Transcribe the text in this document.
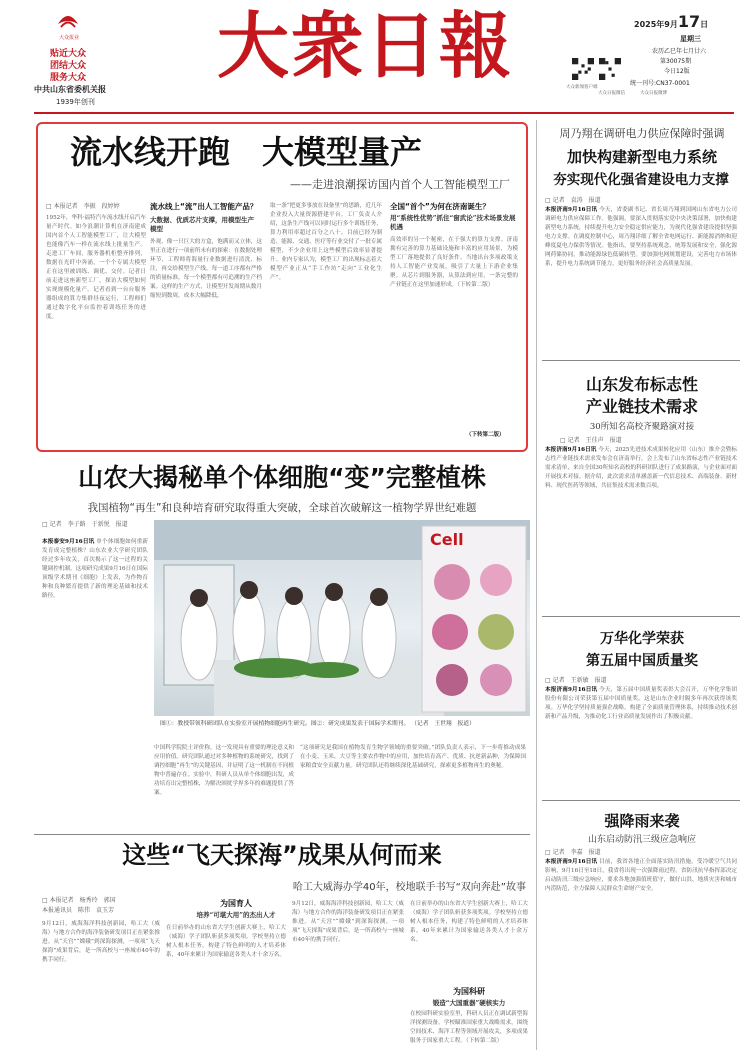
大众报业
贴近大众
团结大众
服务大众
中共山东省委机关报
1939年创刊
大衆日報	2025年9月17日
星期三
农历乙巳年七月廿六
第30075期
今日12版
统一刊号:CN37-0001
大众新闻客户端
大众日报微信	大众日报微博
流水线开跑　大模型量产
——走进浪潮探访国内首个人工智能模型工厂
□ 本报记者　李振　段婷婷
1952年，华科·福特汽车流水线开启汽车量产时代。如今浪潮计算机在济南建成国内首个人工智能模型工厂，让大模型也能像汽车一样在流水线上批量生产。走进工厂车间，服务器机柜整齐排列，数据在光纤中奔涌，一个个专属大模型正在这里被训练、调优、交付。记者日前走进这座新型工厂，探访大模型如何实现规模化量产。记者看到一台台服务器组成的算力集群昼夜运行，工程师们通过数字化平台监控着训练任务的进度。
流水线上“流”出人工智能产品？
大数据、优质芯片支撑，用模型生产模型
外观、像一只巨大的方盒，饱满而又立体，这里正在进行一项前所未有的探索：在数据处理环节，工程师将海量行业数据进行清洗、标注，再交给模型生产线。每一道工序都有严格的质量标准，每一个模型都有可追溯的生产档案。这样的生产方式，让模型开发周期从数月缩短到数周，成本大幅降低。
取一条“把更多事放在设备里”的思路，近几年企业投入大量资源搭建平台。工厂负责人介绍，这条生产线可以同时运行多个训练任务，算力利用率超过百分之八十。目前已经为制造、能源、交通、医疗等行业交付了一批专属模型，不少企业用上这些模型后效率显著提升。业内专家认为，模型工厂的出现标志着大模型产业正从“手工作坊”走向“工业化生产”。
全国“首个”为何在济南诞生？
用“系统性优势”抓住“窗武论”技术场景发展机遇
高效率的另一个秘密，在于强大的算力支撑。济南拥有完善的算力基础设施和丰富的应用场景，为模型工厂落地提供了良好条件。当地出台多项政策支持人工智能产业发展，吸引了大量上下游企业集聚。从芯片到服务器，从算法到应用，一条完整的产业链正在这里加速形成。（下转第二版）
（下转第二版）
周乃翔在调研电力供应保障时强调
加快构建新型电力系统
夯实现代化强省建设电力支撑
□ 记者　袁涛　报道
本报济南9月16日讯 今天，省委副书记、省长周乃翔到国网山东省电力公司调研电力供应保障工作。他强调，要深入贯彻落实党中央决策部署，加快构建新型电力系统，持续提升电力安全稳定供应能力，为现代化强省建设提供坚强电力支撑。在调度控制中心，周乃翔详细了解全省电网运行、新能源消纳和迎峰度夏电力保供等情况。他指出，要坚持系统观念，统筹发展和安全，强化源网荷储协同，推动能源绿色低碳转型。要加强电网规划建设，完善电力市场体系，提升电力系统调节能力，更好服务经济社会高质量发展。
山东发布标志性
产业链技术需求
30所知名高校齐聚路演对接
□ 记者　王佳声　报道
本报济南9月16日讯 今天，2025先进技术成果转化应用（山东）推介会暨标志性产业链技术需求发布会在济南举行。会上发布了山东省标志性产业链技术需求清单，来自全国30所知名高校的科研团队进行了成果路演，与企业面对面开展技术对接。据介绍，此次需求清单涵盖新一代信息技术、高端装备、新材料、现代医药等领域，共征集技术需求数百项。
万华化学荣获
第五届中国质量奖
□ 记者　王新敏　报道
本报济南9月16日讯 今天，第五届中国质量奖表彰大会召开，万华化学集团股份有限公司荣获第五届中国质量奖。这是山东企业时隔多年再次获得该奖项。万华化学坚持质量强企战略，构建了全面质量管理体系，持续推动技术创新和产品升级，为推动化工行业高质量发展作出了积极贡献。
强降雨来袭
山东启动防汛三级应急响应
□ 记者　李嘉　报道
本报济南9月16日讯 目前，我省各地正全面落实防汛措施。受冷暖空气共同影响，9月16日至18日，我省将出现一次强降雨过程。省防汛抗旱指挥部决定启动防汛三级应急响应，要求各地加强值班值守，做好山洪、地质灾害和城市内涝防范，全力保障人民群众生命财产安全。
山农大揭秘单个体细胞“变”完整植株
我国植物“再生”和良种培育研究取得重大突破，全球首次破解这一植物学界世纪难题
□ 记者　李子路　于新悦　报道
本报泰安9月16日讯 单个体细胞如何重新发育成完整植株？山东农业大学研究团队经过多年攻关，首次揭示了这一过程的关键调控机制。这项研究成果9月16日在国际顶级学术期刊《细胞》上发表，为作物育种和良种繁育提供了新的理论基础和技术路径。
Cell
图①：教授带领科研团队在实验室开展植物细胞再生研究。图②：研究成果发表于国际学术期刊。 （记者　王世翔　报道）
中国科学院院士评价称，这一发现具有重要的理论意义和应用价值。研究团队通过对多种植物的系统研究，找到了调控细胞“再生”的关键基因，并证明了这一机制在不同植物中普遍存在。实验中，科研人员从单个体细胞出发，成功培育出完整植株，为解决困扰学界多年的难题提供了答案。
“这项研究是我国在植物发育生物学领域的重要突破。”团队负责人表示，下一步将推动成果在小麦、玉米、大豆等主要农作物中的应用，加快培育高产、优质、抗逆新品种，为保障国家粮食安全贡献力量。研究团队还将继续深化基础研究，探索更多植物再生的奥秘。
这些“飞天探海”成果从何而来
哈工大威海办学40年，校地联手书写“双向奔赴”故事
□ 本报记者　杨秀玲　郭国
本报通讯员　陈伟　袁玉芳
9月12日，威海海洋科技创新园，哈工大（威海）与地方合作的海洋装备研发项目正在紧张推进。从“天宫”“嫦娥”到深海探测，一项项“飞天探海”成果背后，是一所高校与一座城市40年的携手同行。
为国育人
培养“可堪大用”的杰出人才
在日前举办的山东省大学生创新大赛上，哈工大（威海）学子团队斩获多项奖项。学校坚持立德树人根本任务，构建了特色鲜明的人才培养体系，40年来累计为国家输送各类人才十余万名。
9月12日，威海海洋科技创新园，哈工大（威海）与地方合作的海洋装备研发项目正在紧张推进。从“天宫”“嫦娥”到深海探测，一项项“飞天探海”成果背后，是一所高校与一座城市40年的携手同行。
在日前举办的山东省大学生创新大赛上，哈工大（威海）学子团队斩获多项奖项。学校坚持立德树人根本任务，构建了特色鲜明的人才培养体系，40年来累计为国家输送各类人才十余万名。
为国科研
锻造“大国重器”硬核实力
在校园科研实验室里，科研人员正在调试新型海洋探测设备。学校瞄准国家重大战略需求，围绕空间技术、海洋工程等领域开展攻关，多项成果服务于国家重大工程。（下转第二版）
